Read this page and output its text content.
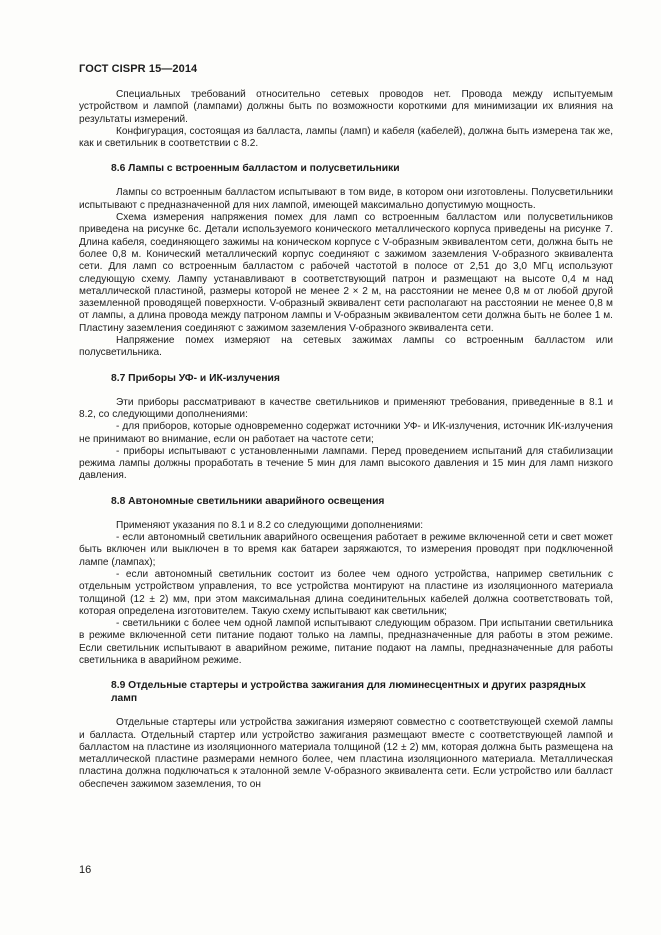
ГОСТ CISPR 15—2014
Специальных требований относительно сетевых проводов нет. Провода между испытуемым устройством и лампой (лампами) должны быть по возможности короткими для минимизации их влияния на результаты измерений.
Конфигурация, состоящая из балласта, лампы (ламп) и кабеля (кабелей), должна быть измерена так же, как и светильник в соответствии с 8.2.
8.6 Лампы с встроенным балластом и полусветильники
Лампы со встроенным балластом испытывают в том виде, в котором они изготовлены. Полусветильники испытывают с предназначенной для них лампой, имеющей максимально допустимую мощность.
Схема измерения напряжения помех для ламп со встроенным балластом или полусветильников приведена на рисунке 6с. Детали используемого конического металлического корпуса приведены на рисунке 7. Длина кабеля, соединяющего зажимы на коническом корпусе с V-образным эквивалентом сети, должна быть не более 0,8 м. Конический металлический корпус соединяют с зажимом заземления V-образного эквивалента сети. Для ламп со встроенным балластом с рабочей частотой в полосе от 2,51 до 3,0 МГц используют следующую схему. Лампу устанавливают в соответствующий патрон и размещают на высоте 0,4 м над металлической пластиной, размеры которой не менее 2 × 2 м, на расстоянии не менее 0,8 м от любой другой заземленной проводящей поверхности. V-образный эквивалент сети располагают на расстоянии не менее 0,8 м от лампы, а длина провода между патроном лампы и V-образным эквивалентом сети должна быть не более 1 м. Пластину заземления соединяют с зажимом заземления V-образного эквивалента сети.
Напряжение помех измеряют на сетевых зажимах лампы со встроенным балластом или полусветильника.
8.7 Приборы УФ- и ИК-излучения
Эти приборы рассматривают в качестве светильников и применяют требования, приведенные в 8.1 и 8.2, со следующими дополнениями:
- для приборов, которые одновременно содержат источники УФ- и ИК-излучения, источник ИК-излучения не принимают во внимание, если он работает на частоте сети;
- приборы испытывают с установленными лампами. Перед проведением испытаний для стабилизации режима лампы должны проработать в течение 5 мин для ламп высокого давления и 15 мин для ламп низкого давления.
8.8 Автономные светильники аварийного освещения
Применяют указания по 8.1 и 8.2 со следующими дополнениями:
- если автономный светильник аварийного освещения работает в режиме включенной сети и свет может быть включен или выключен в то время как батареи заряжаются, то измерения проводят при подключенной лампе (лампах);
- если автономный светильник состоит из более чем одного устройства, например светильник с отдельным устройством управления, то все устройства монтируют на пластине из изоляционного материала толщиной (12 ± 2) мм, при этом максимальная длина соединительных кабелей должна соответствовать той, которая определена изготовителем. Такую схему испытывают как светильник;
- светильники с более чем одной лампой испытывают следующим образом. При испытании светильника в режиме включенной сети питание подают только на лампы, предназначенные для работы в этом режиме. Если светильник испытывают в аварийном режиме, питание подают на лампы, предназначенные для работы светильника в аварийном режиме.
8.9 Отдельные стартеры и устройства зажигания для люминесцентных и других разрядных ламп
Отдельные стартеры или устройства зажигания измеряют совместно с соответствующей схемой лампы и балласта. Отдельный стартер или устройство зажигания размещают вместе с соответствующей лампой и балластом на пластине из изоляционного материала толщиной (12 ± 2) мм, которая должна быть размещена на металлической пластине размерами немного более, чем пластина изоляционного материала. Металлическая пластина должна подключаться к эталонной земле V-образного эквивалента сети. Если устройство или балласт обеспечен зажимом заземления, то он
16
